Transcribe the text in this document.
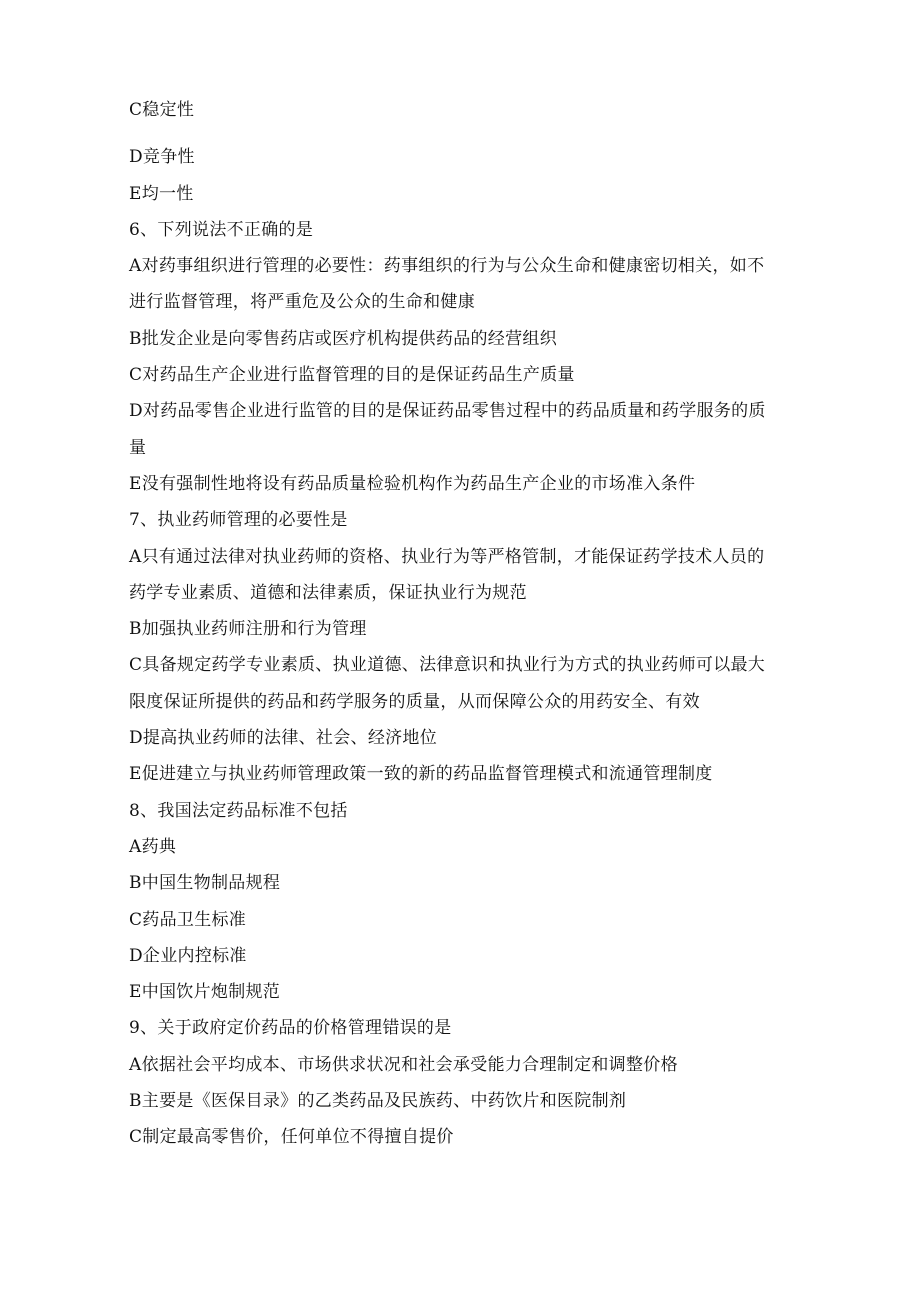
C稳定性
D竞争性
E均一性
6、下列说法不正确的是
A对药事组织进行管理的必要性：药事组织的行为与公众生命和健康密切相关，如不
进行监督管理，将严重危及公众的生命和健康
B批发企业是向零售药店或医疗机构提供药品的经营组织
C对药品生产企业进行监督管理的目的是保证药品生产质量
D对药品零售企业进行监管的目的是保证药品零售过程中的药品质量和药学服务的质
量
E没有强制性地将设有药品质量检验机构作为药品生产企业的市场准入条件
7、执业药师管理的必要性是
A只有通过法律对执业药师的资格、执业行为等严格管制，才能保证药学技术人员的
药学专业素质、道德和法律素质，保证执业行为规范
B加强执业药师注册和行为管理
C具备规定药学专业素质、执业道德、法律意识和执业行为方式的执业药师可以最大
限度保证所提供的药品和药学服务的质量，从而保障公众的用药安全、有效
D提高执业药师的法律、社会、经济地位
E促进建立与执业药师管理政策一致的新的药品监督管理模式和流通管理制度
8、我国法定药品标准不包括
A药典
B中国生物制品规程
C药品卫生标准
D企业内控标准
E中国饮片炮制规范
9、关于政府定价药品的价格管理错误的是
A依据社会平均成本、市场供求状况和社会承受能力合理制定和调整价格
B主要是《医保目录》的乙类药品及民族药、中药饮片和医院制剂
C制定最高零售价，任何单位不得擅自提价
